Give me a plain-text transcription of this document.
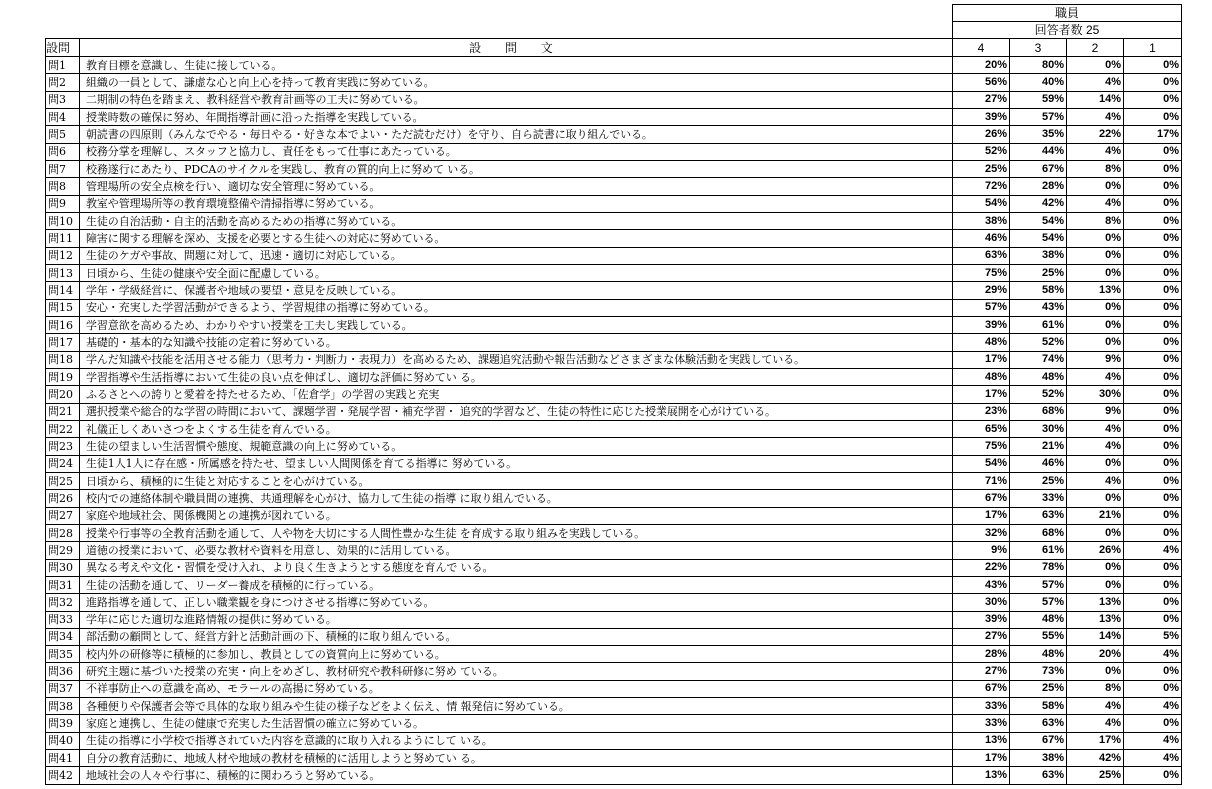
		職員			
		回答者数 25			
設問	設 問 文	4	3	2	1
問1	教育目標を意識し、生徒に接している。	20%	80%	0%	0%
問2	組織の一員として、謙虚な心と向上心を持って教育実践に努めている。	56%	40%	4%	0%
問3	二期制の特色を踏まえ、教科経営や教育計画等の工夫に努めている。	27%	59%	14%	0%
問4	授業時数の確保に努め、年間指導計画に沿った指導を実践している。	39%	57%	4%	0%
問5	朝読書の四原則（みんなでやる・毎日やる・好きな本でよい・ただ読むだけ）を守り、自ら読書に取り組んでいる。	26%	35%	22%	17%
問6	校務分掌を理解し、スタッフと協力し、責任をもって仕事にあたっている。	52%	44%	4%	0%
問7	校務遂行にあたり、PDCAのサイクルを実践し、教育の質的向上に努めて いる。	25%	67%	8%	0%
問8	管理場所の安全点検を行い、適切な安全管理に努めている。	72%	28%	0%	0%
問9	教室や管理場所等の教育環境整備や清掃指導に努めている。	54%	42%	4%	0%
問10	生徒の自治活動・自主的活動を高めるための指導に努めている。	38%	54%	8%	0%
問11	障害に関する理解を深め、支援を必要とする生徒への対応に努めている。	46%	54%	0%	0%
問12	生徒のケガや事故、問題に対して、迅速・適切に対応している。	63%	38%	0%	0%
問13	日頃から、生徒の健康や安全面に配慮している。	75%	25%	0%	0%
問14	学年・学級経営に、保護者や地域の要望・意見を反映している。	29%	58%	13%	0%
問15	安心・充実した学習活動ができるよう、学習規律の指導に努めている。	57%	43%	0%	0%
問16	学習意欲を高めるため、わかりやすい授業を工夫し実践している。	39%	61%	0%	0%
問17	基礎的・基本的な知識や技能の定着に努めている。	48%	52%	0%	0%
問18	学んだ知識や技能を活用させる能力（思考力・判断力・表現力）を高めるため、課題追究活動や報告活動などさまざまな体験活動を実践している。	17%	74%	9%	0%
問19	学習指導や生活指導において生徒の良い点を伸ばし、適切な評価に努めてい る。	48%	48%	4%	0%
問20	ふるさとへの誇りと愛着を持たせるため、「佐倉学」の学習の実践と充実	17%	52%	30%	0%
問21	選択授業や総合的な学習の時間において、課題学習・発展学習・補充学習・ 追究的学習など、生徒の特性に応じた授業展開を心がけている。	23%	68%	9%	0%
問22	礼儀正しくあいさつをよくする生徒を育んでいる。	65%	30%	4%	0%
問23	生徒の望ましい生活習慣や態度、規範意識の向上に努めている。	75%	21%	4%	0%
問24	生徒1人1人に存在感・所属感を持たせ、望ましい人間関係を育てる指導に 努めている。	54%	46%	0%	0%
問25	日頃から、積極的に生徒と対応することを心がけている。	71%	25%	4%	0%
問26	校内での連絡体制や職員間の連携、共通理解を心がけ、協力して生徒の指導 に取り組んでいる。	67%	33%	0%	0%
問27	家庭や地域社会、関係機関との連携が図れている。	17%	63%	21%	0%
問28	授業や行事等の全教育活動を通して、人や物を大切にする人間性豊かな生徒 を育成する取り組みを実践している。	32%	68%	0%	0%
問29	道徳の授業において、必要な教材や資料を用意し、効果的に活用している。	9%	61%	26%	4%
問30	異なる考えや文化・習慣を受け入れ、より良く生きようとする態度を育んで いる。	22%	78%	0%	0%
問31	生徒の活動を通して、リーダー養成を積極的に行っている。	43%	57%	0%	0%
問32	進路指導を通して、正しい職業観を身につけさせる指導に努めている。	30%	57%	13%	0%
問33	学年に応じた適切な進路情報の提供に努めている。	39%	48%	13%	0%
問34	部活動の顧問として、経営方針と活動計画の下、積極的に取り組んでいる。	27%	55%	14%	5%
問35	校内外の研修等に積極的に参加し、教員としての資質向上に努めている。	28%	48%	20%	4%
問36	研究主題に基づいた授業の充実・向上をめざし、教材研究や教科研修に努め ている。	27%	73%	0%	0%
問37	不祥事防止への意識を高め、モラールの高揚に努めている。	67%	25%	8%	0%
問38	各種便りや保護者会等で具体的な取り組みや生徒の様子などをよく伝え、情 報発信に努めている。	33%	58%	4%	4%
問39	家庭と連携し、生徒の健康で充実した生活習慣の確立に努めている。	33%	63%	4%	0%
問40	生徒の指導に小学校で指導されていた内容を意識的に取り入れるようにして いる。	13%	67%	17%	4%
問41	自分の教育活動に、地域人材や地域の教材を積極的に活用しようと努めてい る。	17%	38%	42%	4%
問42	地域社会の人々や行事に、積極的に関わろうと努めている。	13%	63%	25%	0%
